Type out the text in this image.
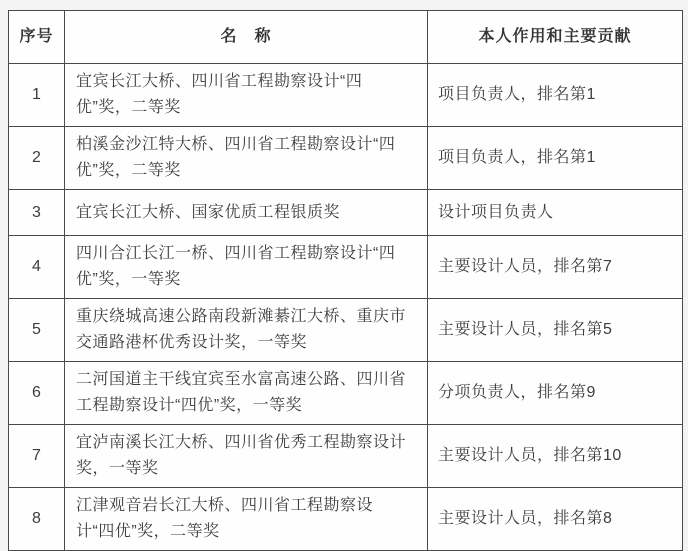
序号	名　称	本人作用和主要贡献
1	宜宾长江大桥、四川省工程勘察设计“四优”奖，二等奖	项目负责人，排名第1
2	柏溪金沙江特大桥、四川省工程勘察设计“四优”奖，二等奖	项目负责人，排名第1
3	宜宾长江大桥、国家优质工程银质奖	设计项目负责人
4	四川合江长江一桥、四川省工程勘察设计“四优”奖，一等奖	主要设计人员，排名第7
5	重庆绕城高速公路南段新滩綦江大桥、重庆市交通路港杯优秀设计奖，一等奖	主要设计人员，排名第5
6	二河国道主干线宜宾至水富高速公路、四川省工程勘察设计“四优”奖，一等奖	分项负责人，排名第9
7	宜泸南溪长江大桥、四川省优秀工程勘察设计奖，一等奖	主要设计人员，排名第10
8	江津观音岩长江大桥、四川省工程勘察设计“四优”奖，二等奖	主要设计人员，排名第8
